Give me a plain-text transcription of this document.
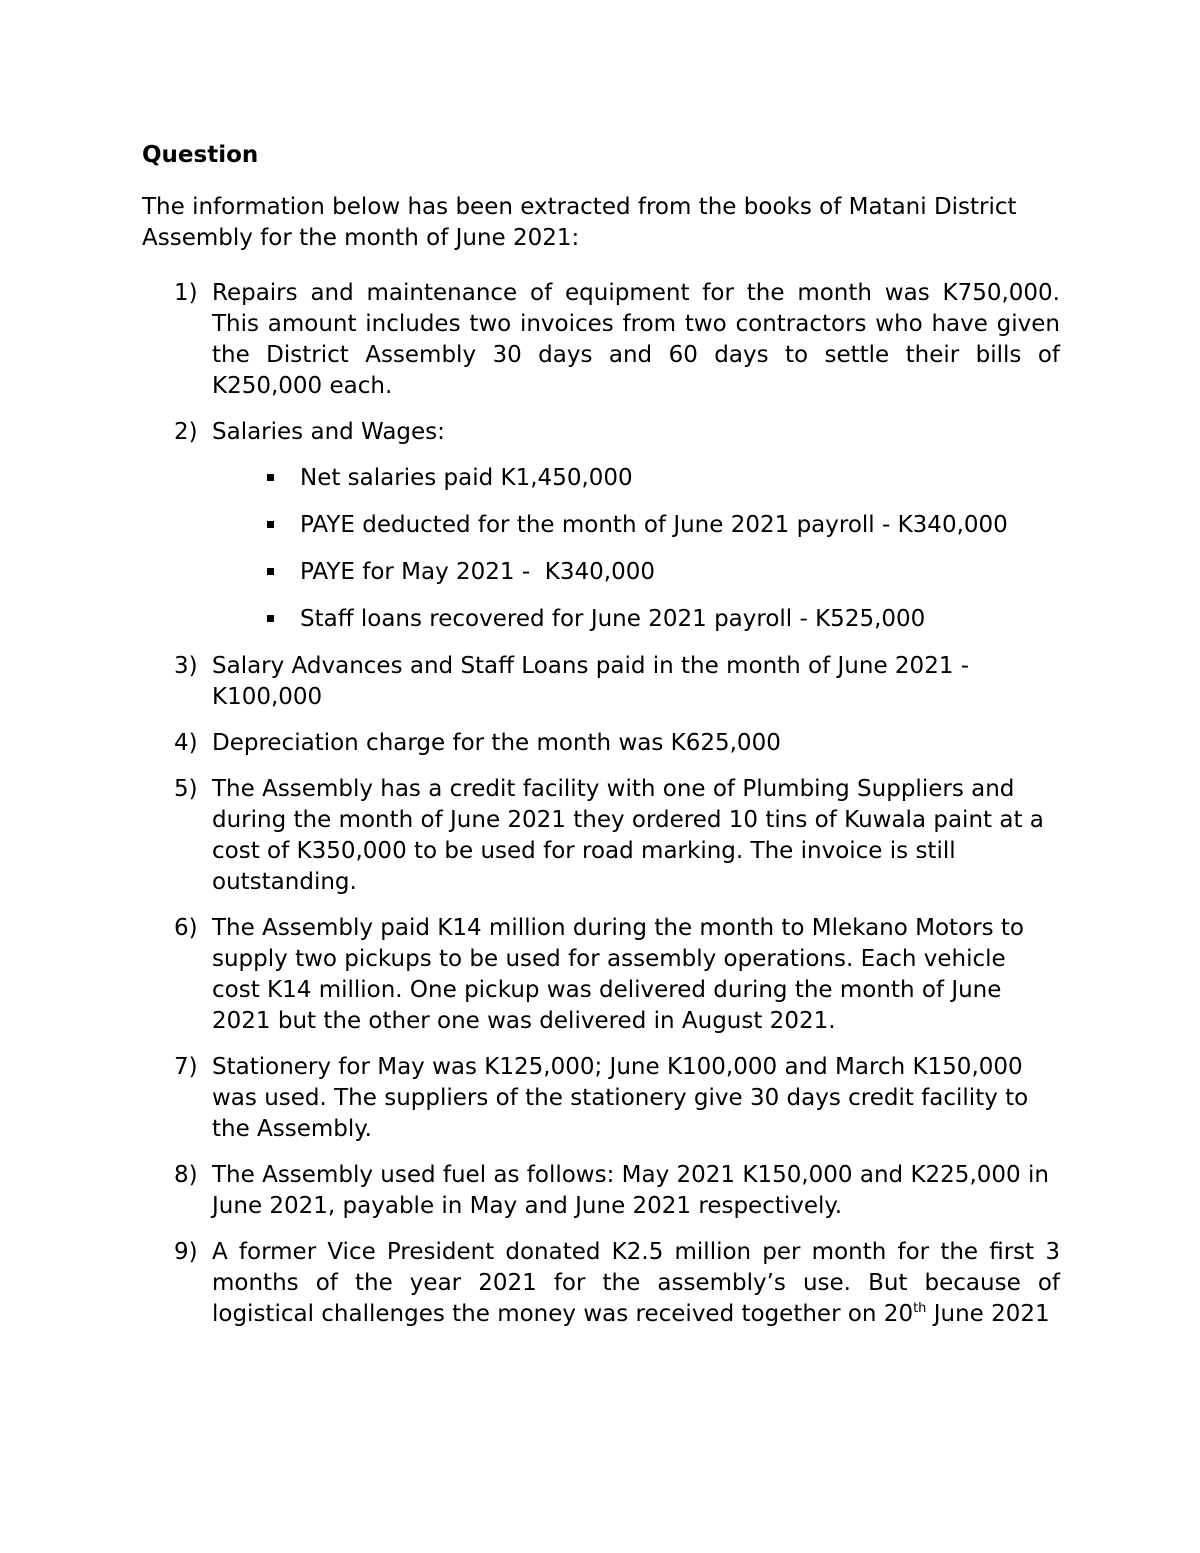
Question
The information below has been extracted from the books of Matani District Assembly for the month of June 2021:
1) Repairs and maintenance of equipment for the month was K750,000. This amount includes two invoices from two contractors who have given the District Assembly 30 days and 60 days to settle their bills of K250,000 each.
2) Salaries and Wages:
Net salaries paid K1,450,000
PAYE deducted for the month of June 2021 payroll - K340,000
PAYE for May 2021 -  K340,000
Staff loans recovered for June 2021 payroll - K525,000
3) Salary Advances and Staff Loans paid in the month of June 2021 - K100,000
4) Depreciation charge for the month was K625,000
5) The Assembly has a credit facility with one of Plumbing Suppliers and during the month of June 2021 they ordered 10 tins of Kuwala paint at a cost of K350,000 to be used for road marking. The invoice is still outstanding.
6) The Assembly paid K14 million during the month to Mlekano Motors to supply two pickups to be used for assembly operations. Each vehicle cost K14 million. One pickup was delivered during the month of June 2021 but the other one was delivered in August 2021.
7) Stationery for May was K125,000; June K100,000 and March K150,000 was used. The suppliers of the stationery give 30 days credit facility to the Assembly.
8) The Assembly used fuel as follows: May 2021 K150,000 and K225,000 in June 2021, payable in May and June 2021 respectively.
9) A former Vice President donated K2.5 million per month for the first 3 months of the year 2021 for the assembly’s use. But because of logistical challenges the money was received together on 20th June 2021
